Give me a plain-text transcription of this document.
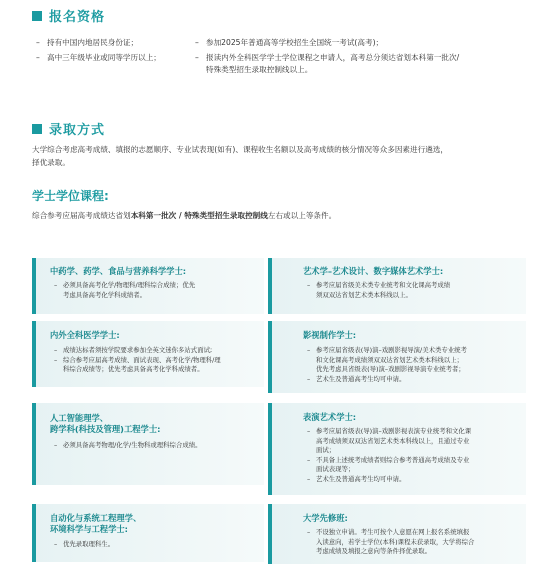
报名资格
– 持有中国内地居民身份证；
– 高中三年级毕业或同等学历以上；
– 参加2025年普通高等学校招生全国统一考试(高考)；
– 报读内外全科医学学士学位课程之申请人，高考总分须达省划本科第一批次/
特殊类型招生录取控制线以上。
录取方式
大学综合考虑高考成绩、填报的志愿顺序、专业试表现(如有)、课程收生名额以及高考成绩的核分情况等众多因素进行遴选，
择优录取。
学士学位课程:
综合参考应届高考成绩达省划本科第一批次 / 特殊类型招生录取控制线左右或以上等条件。
中药学、药学、食品与营养科学学士:
– 必须具备高考化学/物理科/理科综合成绩；优先
考虑具备高考化学科成绩者。
内外全科医学学士:
– 成绩达标者须按学院要求参加全英文迷你多站式面试;
– 综合参考应届高考成绩、面试表现、高考化学/物理科/理
科综合成绩等；优先考虑具备高考化学科成绩者。
人工智能理学、
跨学科(科技及管理)工程学士:
– 必须具备高考物理/化学/生物科或理科综合成绩。
自动化与系统工程理学、
环境科学与工程学士:
– 优先录取理科生。
艺术学–艺术设计、数字媒体艺术学士:
– 参考应届省级美术类专业统考和文化课高考成绩
须双双达省划艺术类本科线以上。
影视制作学士:
– 参考应届省级表(导)演–戏剧影视导演/美术类专业统考
和文化课高考成绩须双双达省划艺术类本科线以上；
优先考虑具省级表(导)演–戏剧影视导演专业统考者；
– 艺术生及普通高考生均可申请。
表演艺术学士:
– 参考应届省级表(导)演–戏剧影视表演专业统考和文化课
高考成绩须双双达省划艺术类本科线以上，且通过专业
面试；
– 不具备上述统考成绩者则综合参考普通高考成绩及专业
面试表现等；
– 艺术生及普通高考生均可申请。
大学先修班:
– 不设独立申请。考生可按个人意愿在网上报名系统填报
入读意向，若学士学位(本科)课程未获录取，大学将综合
考虑成绩及填报之意向等条件择优录取。
